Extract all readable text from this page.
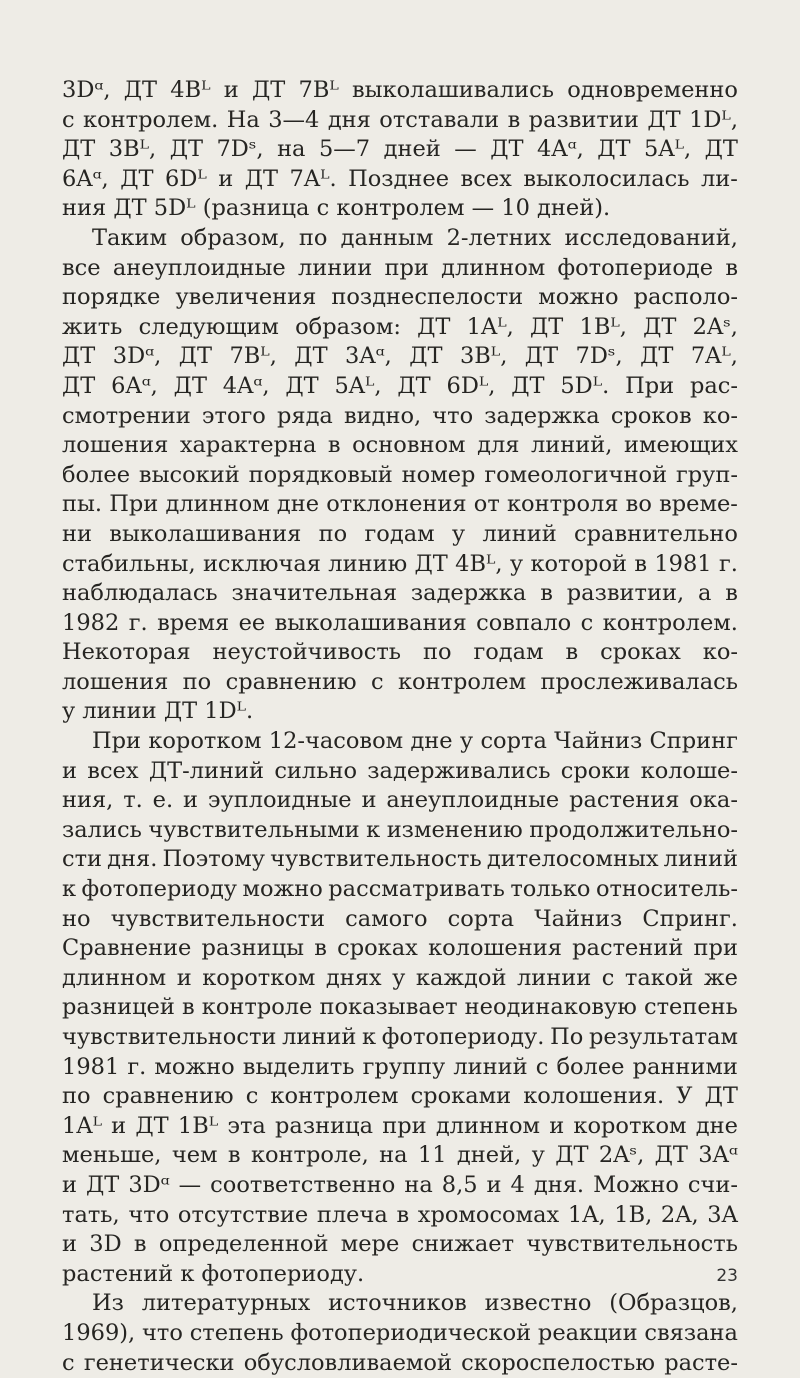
3Dᵅ, ДТ 4Bᴸ и ДТ 7Bᴸ выколашивались одновременно
с контролем. На 3—4 дня отставали в развитии ДТ 1Dᴸ,
ДТ 3Bᴸ, ДТ 7Dˢ, на 5—7 дней — ДТ 4Aᵅ, ДТ 5Aᴸ, ДТ
6Aᵅ, ДТ 6Dᴸ и ДТ 7Aᴸ. Позднее всех выколосилась ли-
ния ДТ 5Dᴸ (разница с контролем — 10 дней).
Таким образом, по данным 2-летних исследований,
все анеуплоидные линии при длинном фотопериоде в
порядке увеличения позднеспелости можно располо-
жить следующим образом: ДТ 1Aᴸ, ДТ 1Bᴸ, ДТ 2Aˢ,
ДТ 3Dᵅ, ДТ 7Bᴸ, ДТ 3Aᵅ, ДТ 3Bᴸ, ДТ 7Dˢ, ДТ 7Aᴸ,
ДТ 6Aᵅ, ДТ 4Aᵅ, ДТ 5Aᴸ, ДТ 6Dᴸ, ДТ 5Dᴸ. При рас-
смотрении этого ряда видно, что задержка сроков ко-
лошения характерна в основном для линий, имеющих
более высокий порядковый номер гомеологичной груп-
пы. При длинном дне отклонения от контроля во време-
ни выколашивания по годам у линий сравнительно
стабильны, исключая линию ДТ 4Bᴸ, у которой в 1981 г.
наблюдалась значительная задержка в развитии, а в
1982 г. время ее выколашивания совпало с контролем.
Некоторая неустойчивость по годам в сроках ко-
лошения по сравнению с контролем прослеживалась
у линии ДТ 1Dᴸ.
При коротком 12-часовом дне у сорта Чайниз Спринг
и всех ДТ-линий сильно задерживались сроки колоше-
ния, т. е. и эуплоидные и анеуплоидные растения ока-
зались чувствительными к изменению продолжительно-
сти дня. Поэтому чувствительность дителосомных линий
к фотопериоду можно рассматривать только относитель-
но чувствительности самого сорта Чайниз Спринг.
Сравнение разницы в сроках колошения растений при
длинном и коротком днях у каждой линии с такой же
разницей в контроле показывает неодинаковую степень
чувствительности линий к фотопериоду. По результатам
1981 г. можно выделить группу линий с более ранними
по сравнению с контролем сроками колошения. У ДТ
1Aᴸ и ДТ 1Bᴸ эта разница при длинном и коротком дне
меньше, чем в контроле, на 11 дней, у ДТ 2Aˢ, ДТ 3Aᵅ
и ДТ 3Dᵅ — соответственно на 8,5 и 4 дня. Можно счи-
тать, что отсутствие плеча в хромосомах 1A, 1B, 2A, 3A
и 3D в определенной мере снижает чувствительность
растений к фотопериоду.
Из литературных источников известно (Образцов,
1969), что степень фотопериодической реакции связана
с генетически обусловливаемой скороспелостью расте-
23
